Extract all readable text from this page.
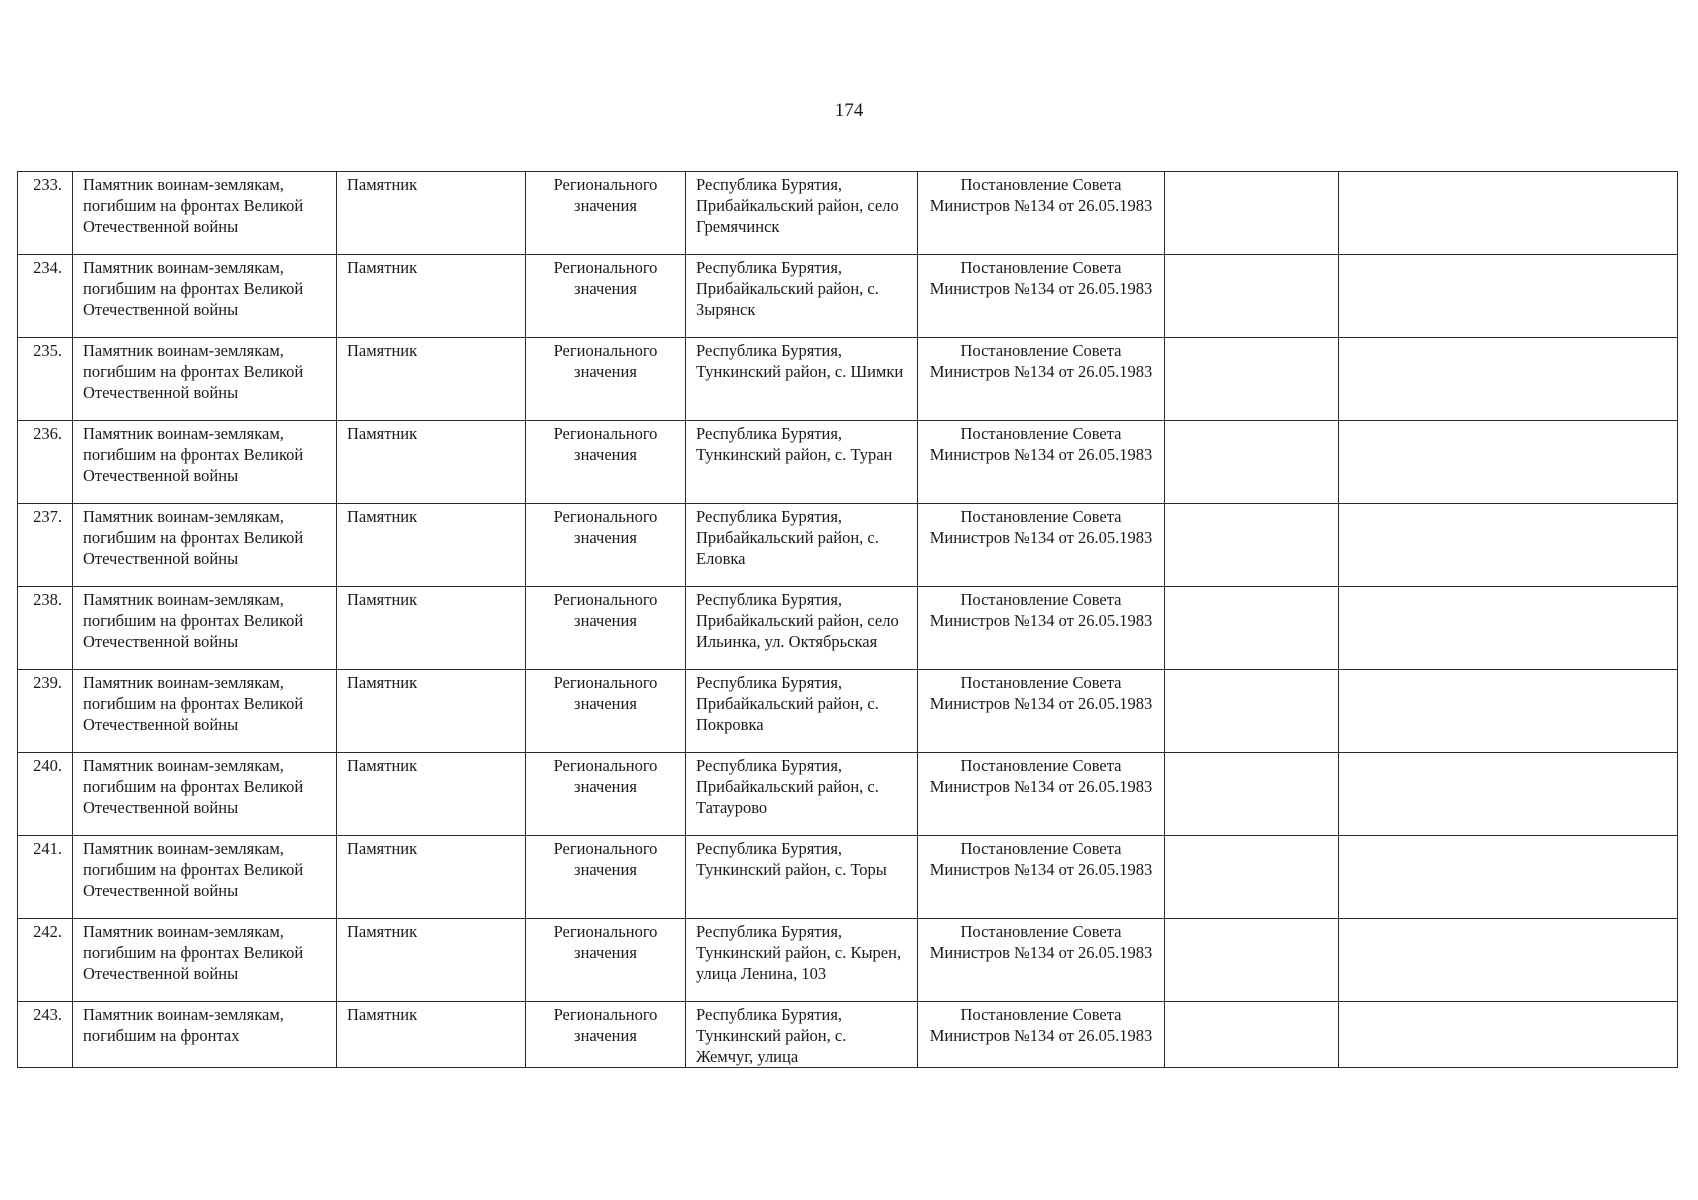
174
233.	Памятник воинам-землякам, погибшим на фронтах Великой Отечественной войны	Памятник	Регионального значения	Республика Бурятия, Прибайкальский район, село Гремячинск	Постановление Совета Министров №134 от 26.05.1983		
234.	Памятник воинам-землякам, погибшим на фронтах Великой Отечественной войны	Памятник	Регионального значения	Республика Бурятия, Прибайкальский район, с. Зырянск	Постановление Совета Министров №134 от 26.05.1983		
235.	Памятник воинам-землякам, погибшим на фронтах Великой Отечественной войны	Памятник	Регионального значения	Республика Бурятия, Тункинский район, с. Шимки	Постановление Совета Министров №134 от 26.05.1983		
236.	Памятник воинам-землякам, погибшим на фронтах Великой Отечественной войны	Памятник	Регионального значения	Республика Бурятия, Тункинский район, с. Туран	Постановление Совета Министров №134 от 26.05.1983		
237.	Памятник воинам-землякам, погибшим на фронтах Великой Отечественной войны	Памятник	Регионального значения	Республика Бурятия, Прибайкальский район, с. Еловка	Постановление Совета Министров №134 от 26.05.1983		
238.	Памятник воинам-землякам, погибшим на фронтах Великой Отечественной войны	Памятник	Регионального значения	Республика Бурятия, Прибайкальский район, село Ильинка, ул. Октябрьская	Постановление Совета Министров №134 от 26.05.1983		
239.	Памятник воинам-землякам, погибшим на фронтах Великой Отечественной войны	Памятник	Регионального значения	Республика Бурятия, Прибайкальский район, с. Покровка	Постановление Совета Министров №134 от 26.05.1983		
240.	Памятник воинам-землякам, погибшим на фронтах Великой Отечественной войны	Памятник	Регионального значения	Республика Бурятия, Прибайкальский район, с. Татаурово	Постановление Совета Министров №134 от 26.05.1983		
241.	Памятник воинам-землякам, погибшим на фронтах Великой Отечественной войны	Памятник	Регионального значения	Республика Бурятия, Тункинский район, с. Торы	Постановление Совета Министров №134 от 26.05.1983		
242.	Памятник воинам-землякам, погибшим на фронтах Великой Отечественной войны	Памятник	Регионального значения	Республика Бурятия, Тункинский район, с. Кырен, улица Ленина, 103	Постановление Совета Министров №134 от 26.05.1983		
243.	Памятник воинам-землякам, погибшим на фронтах	Памятник	Регионального значения	Республика Бурятия, Тункинский район, с. Жемчуг, улица	Постановление Совета Министров №134 от 26.05.1983		
